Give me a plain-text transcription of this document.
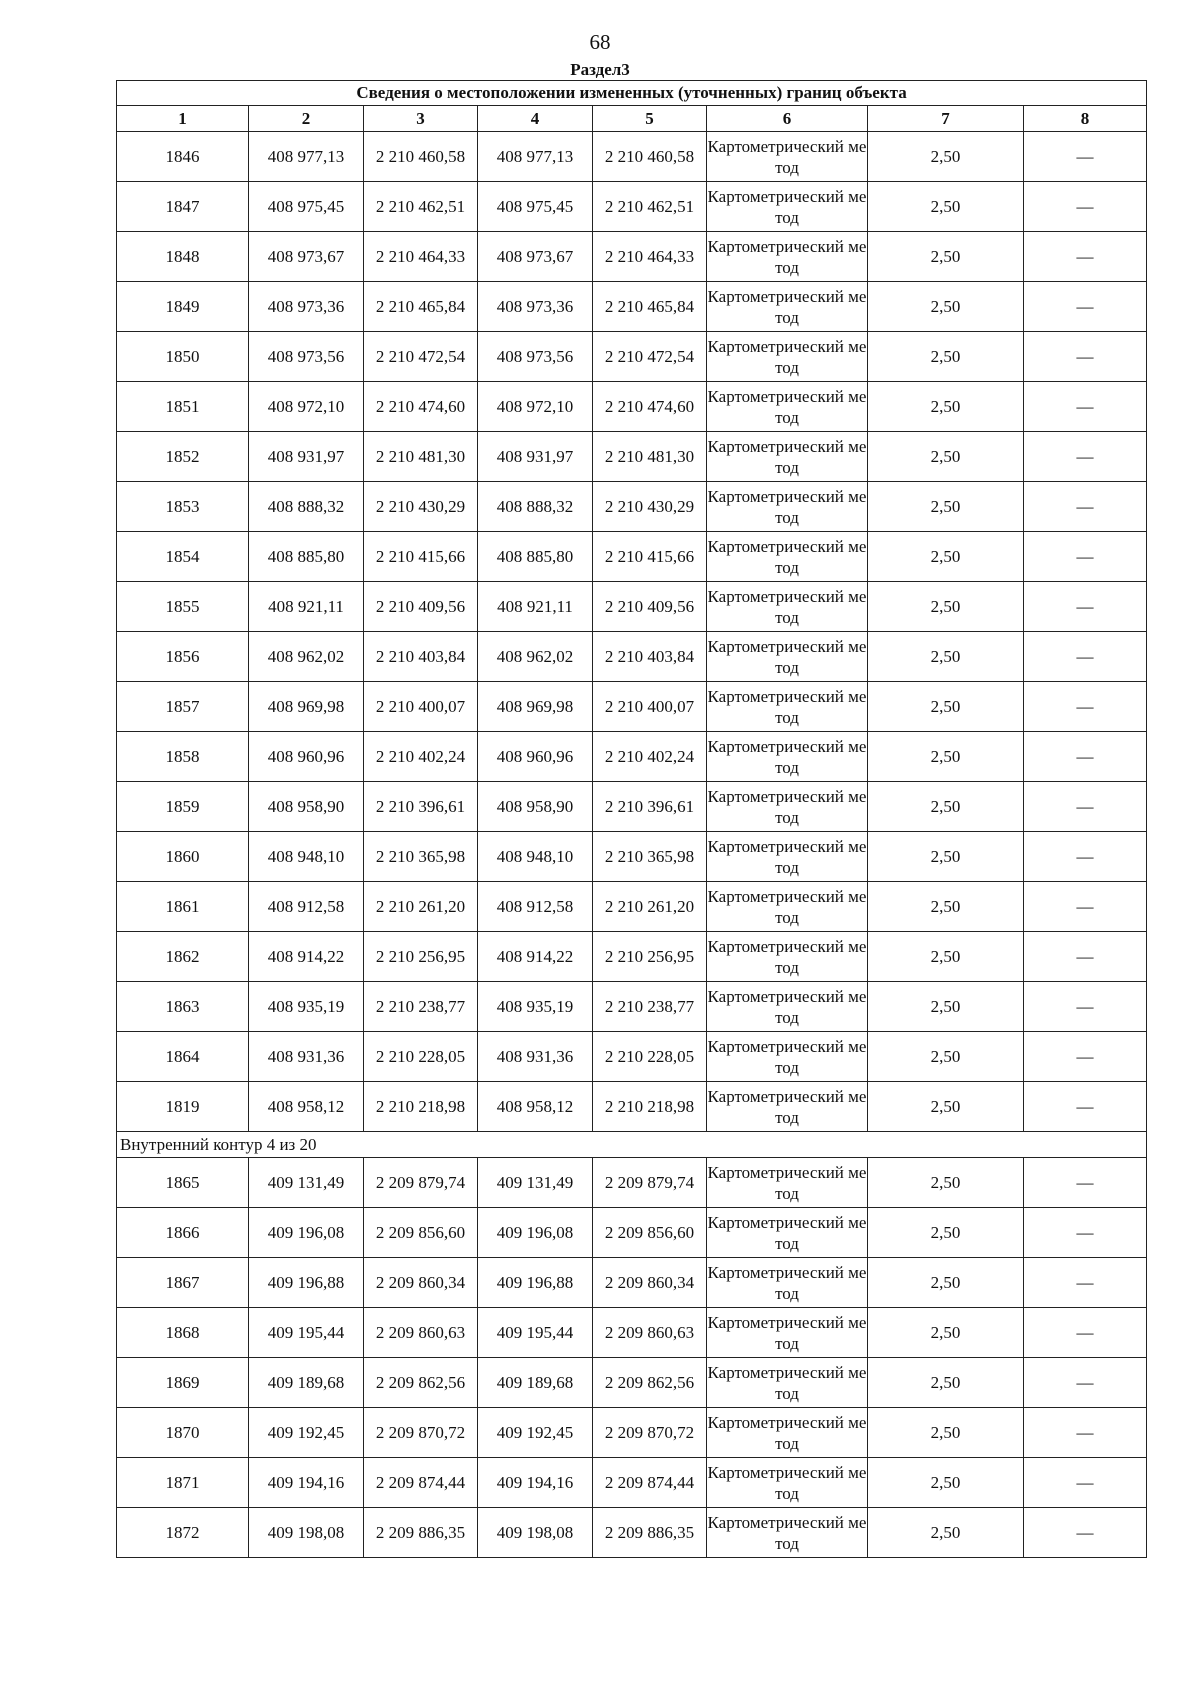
68
Раздел3
Сведения о местоположении измененных (уточненных) границ объекта							
1	2	3	4	5	6	7	8
1846	408 977,13	2 210 460,58	408 977,13	2 210 460,58	Картометрический метод	2,50	—
1847	408 975,45	2 210 462,51	408 975,45	2 210 462,51	Картометрический метод	2,50	—
1848	408 973,67	2 210 464,33	408 973,67	2 210 464,33	Картометрический метод	2,50	—
1849	408 973,36	2 210 465,84	408 973,36	2 210 465,84	Картометрический метод	2,50	—
1850	408 973,56	2 210 472,54	408 973,56	2 210 472,54	Картометрический метод	2,50	—
1851	408 972,10	2 210 474,60	408 972,10	2 210 474,60	Картометрический метод	2,50	—
1852	408 931,97	2 210 481,30	408 931,97	2 210 481,30	Картометрический метод	2,50	—
1853	408 888,32	2 210 430,29	408 888,32	2 210 430,29	Картометрический метод	2,50	—
1854	408 885,80	2 210 415,66	408 885,80	2 210 415,66	Картометрический метод	2,50	—
1855	408 921,11	2 210 409,56	408 921,11	2 210 409,56	Картометрический метод	2,50	—
1856	408 962,02	2 210 403,84	408 962,02	2 210 403,84	Картометрический метод	2,50	—
1857	408 969,98	2 210 400,07	408 969,98	2 210 400,07	Картометрический метод	2,50	—
1858	408 960,96	2 210 402,24	408 960,96	2 210 402,24	Картометрический метод	2,50	—
1859	408 958,90	2 210 396,61	408 958,90	2 210 396,61	Картометрический метод	2,50	—
1860	408 948,10	2 210 365,98	408 948,10	2 210 365,98	Картометрический метод	2,50	—
1861	408 912,58	2 210 261,20	408 912,58	2 210 261,20	Картометрический метод	2,50	—
1862	408 914,22	2 210 256,95	408 914,22	2 210 256,95	Картометрический метод	2,50	—
1863	408 935,19	2 210 238,77	408 935,19	2 210 238,77	Картометрический метод	2,50	—
1864	408 931,36	2 210 228,05	408 931,36	2 210 228,05	Картометрический метод	2,50	—
1819	408 958,12	2 210 218,98	408 958,12	2 210 218,98	Картометрический метод	2,50	—
Внутренний контур 4 из 20							
1865	409 131,49	2 209 879,74	409 131,49	2 209 879,74	Картометрический метод	2,50	—
1866	409 196,08	2 209 856,60	409 196,08	2 209 856,60	Картометрический метод	2,50	—
1867	409 196,88	2 209 860,34	409 196,88	2 209 860,34	Картометрический метод	2,50	—
1868	409 195,44	2 209 860,63	409 195,44	2 209 860,63	Картометрический метод	2,50	—
1869	409 189,68	2 209 862,56	409 189,68	2 209 862,56	Картометрический метод	2,50	—
1870	409 192,45	2 209 870,72	409 192,45	2 209 870,72	Картометрический метод	2,50	—
1871	409 194,16	2 209 874,44	409 194,16	2 209 874,44	Картометрический метод	2,50	—
1872	409 198,08	2 209 886,35	409 198,08	2 209 886,35	Картометрический метод	2,50	—
